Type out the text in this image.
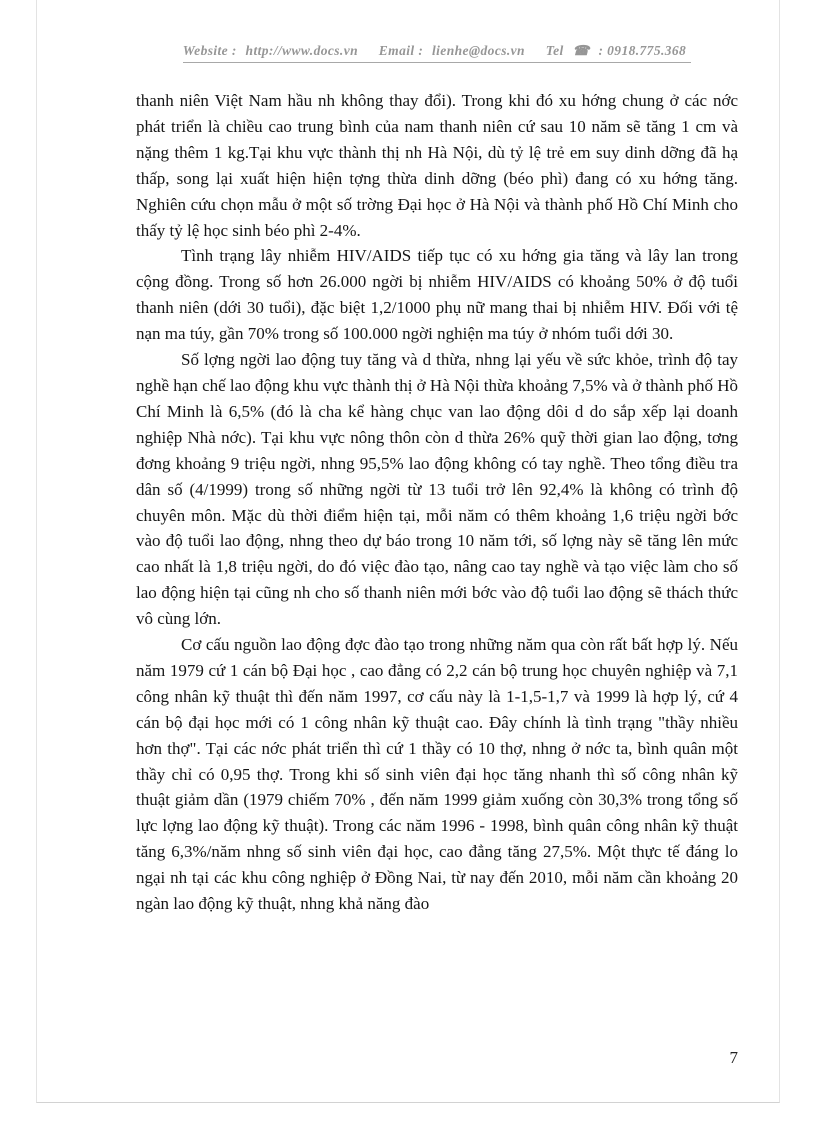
Website : http://www.docs.vn Email : lienhe@docs.vn Tel ☎ : 0918.775.368

thanh niên Việt Nam hầu nh không thay đổi). Trong khi đó xu hớng chung ở các nớc phát triển là chiều cao trung bình của nam thanh niên cứ sau 10 năm sẽ tăng 1 cm và nặng thêm 1 kg.Tại khu vực thành thị nh Hà Nội, dù tỷ lệ trẻ em suy dinh dỡng đã hạ thấp, song lại xuất hiện hiện tợng thừa dinh dỡng (béo phì) đang có xu hớng tăng. Nghiên cứu chọn mẫu ở một số trờng Đại học ở Hà Nội và thành phố Hồ Chí Minh cho thấy tỷ lệ học sinh béo phì 2-4%.

Tình trạng lây nhiễm HIV/AIDS tiếp tục có xu hớng gia tăng và lây lan trong cộng đồng. Trong số hơn 26.000 ngời bị nhiễm HIV/AIDS có khoảng 50% ở độ tuổi thanh niên (dới 30 tuổi), đặc biệt 1,2/1000 phụ nữ mang thai bị nhiễm HIV. Đối với tệ nạn ma túy, gần 70% trong số 100.000 ngời nghiện ma túy ở nhóm tuổi dới 30.

Số lợng ngời lao động tuy tăng và d thừa, nhng lại yếu về sức khỏe, trình độ tay nghề hạn chế lao động khu vực thành thị ở Hà Nội thừa khoảng 7,5% và ở thành phố Hồ Chí Minh là 6,5% (đó là cha kể hàng chục van lao động dôi d do sắp xếp lại doanh nghiệp Nhà nớc). Tại khu vực nông thôn còn d thừa 26% quỹ thời gian lao động, tơng đơng khoảng 9 triệu ngời, nhng 95,5% lao động không có tay nghề. Theo tổng điều tra dân số (4/1999) trong số những ngời từ 13 tuổi trở lên 92,4% là không có trình độ chuyên môn. Mặc dù thời điểm hiện tại, mỗi năm có thêm khoảng 1,6 triệu ngời bớc vào độ tuổi lao động, nhng theo dự báo trong 10 năm tới, số lợng này sẽ tăng lên mức cao nhất là 1,8 triệu ngời, do đó việc đào tạo, nâng cao tay nghề và tạo việc làm cho số lao động hiện tại cũng nh cho số thanh niên mới bớc vào độ tuổi lao động sẽ thách thức vô cùng lớn.

Cơ cấu nguồn lao động đợc đào tạo trong những năm qua còn rất bất hợp lý. Nếu năm 1979 cứ 1 cán bộ Đại học , cao đẳng có 2,2 cán bộ trung học chuyên nghiệp và 7,1 công nhân kỹ thuật thì đến năm 1997, cơ cấu này là 1-1,5-1,7 và 1999 là hợp lý, cứ 4 cán bộ đại học mới có 1 công nhân kỹ thuật cao. Đây chính là tình trạng "thầy nhiều hơn thợ". Tại các nớc phát triển thì cứ 1 thầy có 10 thợ, nhng ở nớc ta, bình quân một thầy chỉ có 0,95 thợ. Trong khi số sinh viên đại học tăng nhanh thì số công nhân kỹ thuật giảm dần (1979 chiếm 70% , đến năm 1999 giảm xuống còn 30,3% trong tổng số lực lợng lao động kỹ thuật). Trong các năm 1996 - 1998, bình quân công nhân kỹ thuật tăng 6,3%/năm nhng số sinh viên đại học, cao đẳng tăng 27,5%. Một thực tế đáng lo ngại nh tại các khu công nghiệp ở Đồng Nai, từ nay đến 2010, mỗi năm cần khoảng 20 ngàn lao động kỹ thuật, nhng khả năng đào

7
